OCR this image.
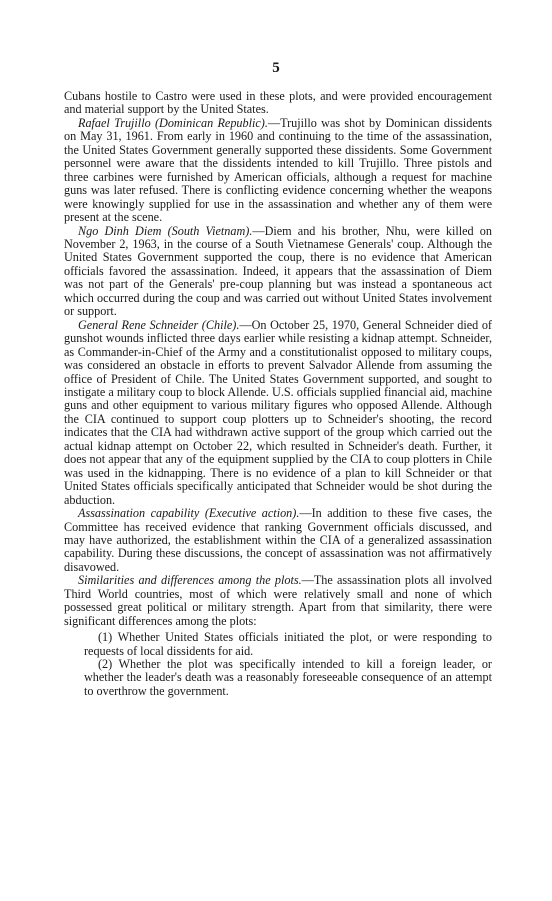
5

Cubans hostile to Castro were used in these plots, and were provided encouragement and material support by the United States.

Rafael Trujillo (Dominican Republic).—Trujillo was shot by Dominican dissidents on May 31, 1961. From early in 1960 and continuing to the time of the assassination, the United States Government generally supported these dissidents. Some Government personnel were aware that the dissidents intended to kill Trujillo. Three pistols and three carbines were furnished by American officials, although a request for machine guns was later refused. There is conflicting evidence concerning whether the weapons were knowingly supplied for use in the assassination and whether any of them were present at the scene.

Ngo Dinh Diem (South Vietnam).—Diem and his brother, Nhu, were killed on November 2, 1963, in the course of a South Vietnamese Generals' coup. Although the United States Government supported the coup, there is no evidence that American officials favored the assassination. Indeed, it appears that the assassination of Diem was not part of the Generals' pre-coup planning but was instead a spontaneous act which occurred during the coup and was carried out without United States involvement or support.

General Rene Schneider (Chile).—On October 25, 1970, General Schneider died of gunshot wounds inflicted three days earlier while resisting a kidnap attempt. Schneider, as Commander-in-Chief of the Army and a constitutionalist opposed to military coups, was considered an obstacle in efforts to prevent Salvador Allende from assuming the office of President of Chile. The United States Government supported, and sought to instigate a military coup to block Allende. U.S. officials supplied financial aid, machine guns and other equipment to various military figures who opposed Allende. Although the CIA continued to support coup plotters up to Schneider's shooting, the record indicates that the CIA had withdrawn active support of the group which carried out the actual kidnap attempt on October 22, which resulted in Schneider's death. Further, it does not appear that any of the equipment supplied by the CIA to coup plotters in Chile was used in the kidnapping. There is no evidence of a plan to kill Schneider or that United States officials specifically anticipated that Schneider would be shot during the abduction.

Assassination capability (Executive action).—In addition to these five cases, the Committee has received evidence that ranking Government officials discussed, and may have authorized, the establishment within the CIA of a generalized assassination capability. During these discussions, the concept of assassination was not affirmatively disavowed.

Similarities and differences among the plots.—The assassination plots all involved Third World countries, most of which were relatively small and none of which possessed great political or military strength. Apart from that similarity, there were significant differences among the plots:

(1) Whether United States officials initiated the plot, or were responding to requests of local dissidents for aid.

(2) Whether the plot was specifically intended to kill a foreign leader, or whether the leader's death was a reasonably foreseeable consequence of an attempt to overthrow the government.
